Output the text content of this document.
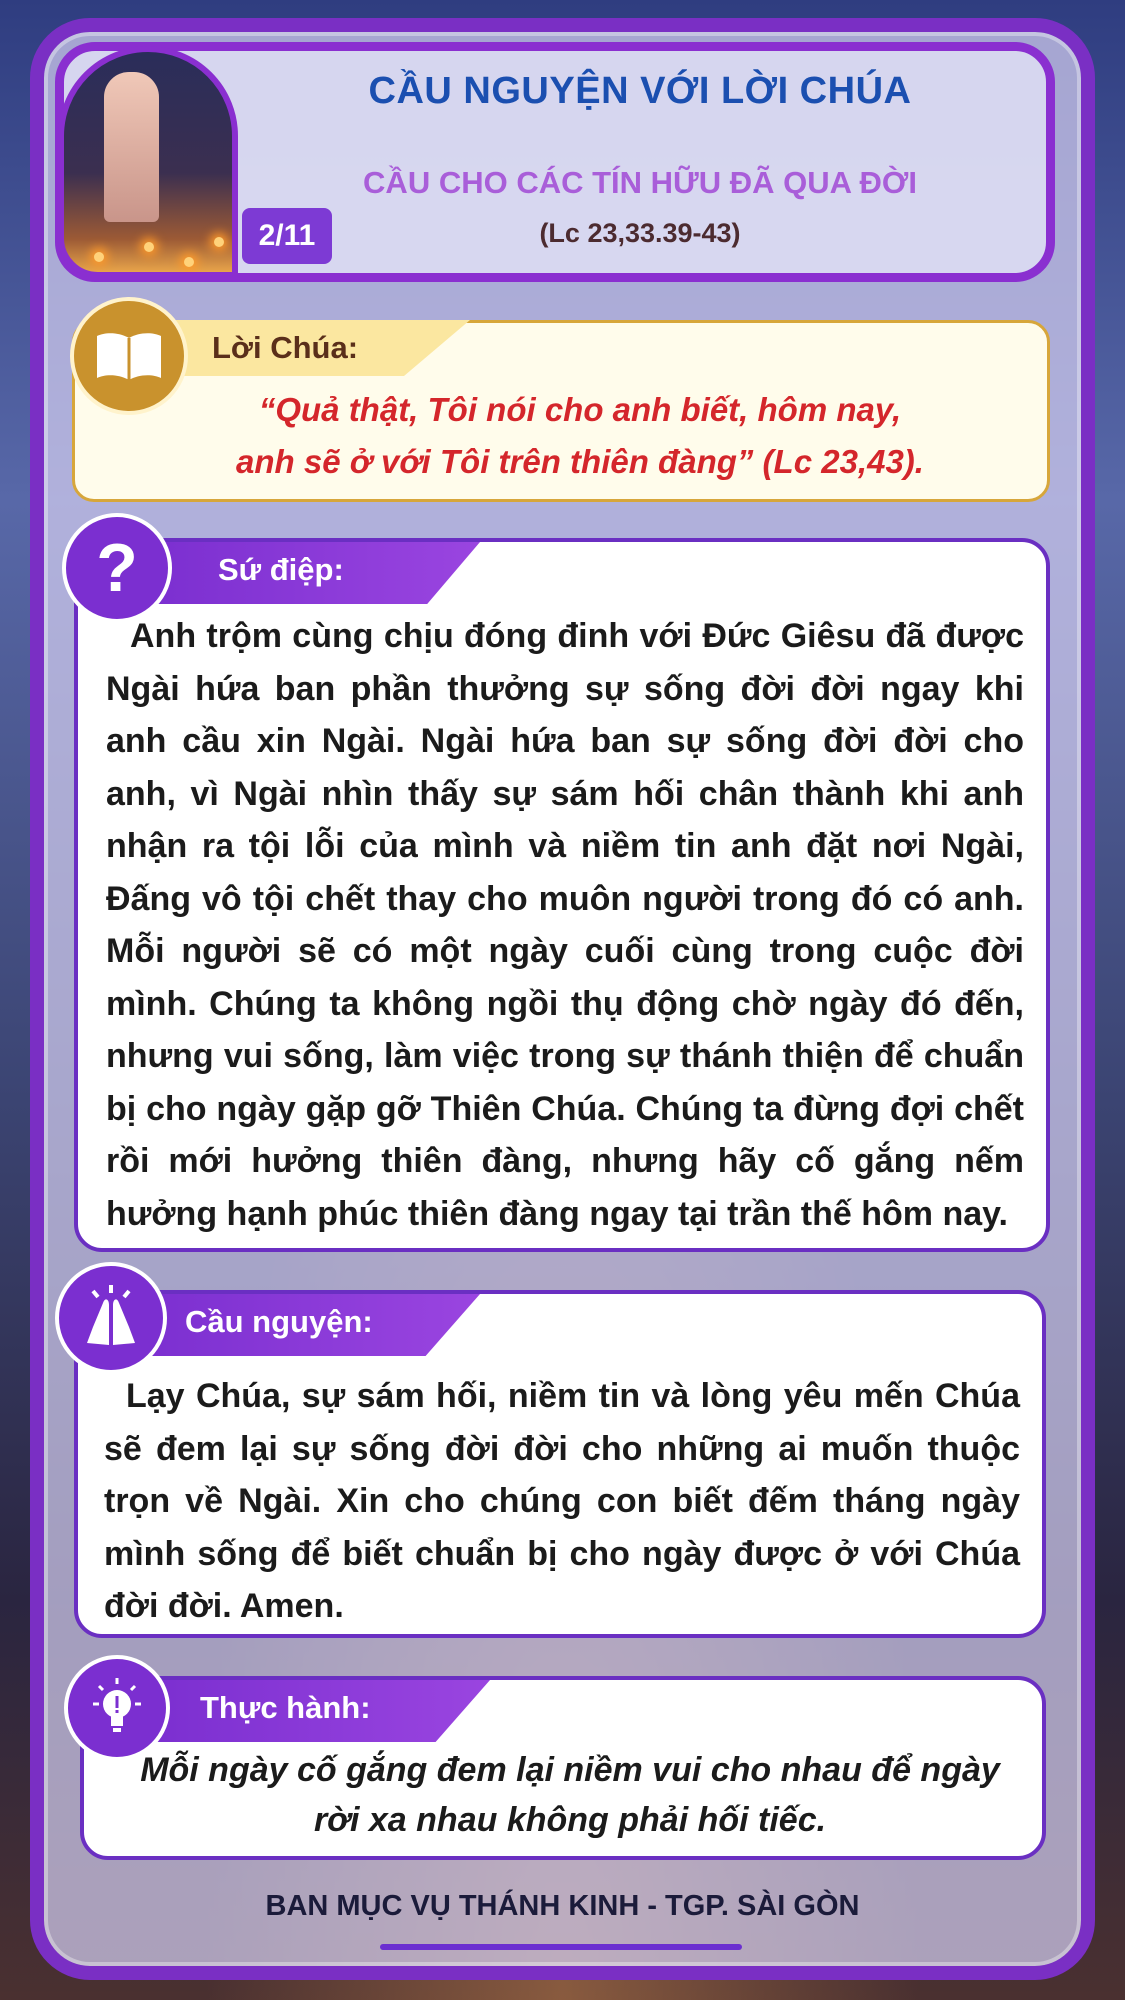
2/11
CẦU NGUYỆN VỚI LỜI CHÚA
CẦU CHO CÁC TÍN HỮU ĐÃ QUA ĐỜI
(Lc 23,33.39-43)
Lời Chúa:
“Quả thật, Tôi nói cho anh biết, hôm nay,
anh sẽ ở với Tôi trên thiên đàng” (Lc 23,43).
?	Sứ điệp:
Anh trộm cùng chịu đóng đinh với Đức Giêsu đã được Ngài hứa ban phần thưởng sự sống đời đời ngay khi anh cầu xin Ngài. Ngài hứa ban sự sống đời đời cho anh, vì Ngài nhìn thấy sự sám hối chân thành khi anh nhận ra tội lỗi của mình và niềm tin anh đặt nơi Ngài, Đấng vô tội chết thay cho muôn người trong đó có anh. Mỗi người sẽ có một ngày cuối cùng trong cuộc đời mình. Chúng ta không ngồi thụ động chờ ngày đó đến, nhưng vui sống, làm việc trong sự thánh thiện để chuẩn bị cho ngày gặp gỡ Thiên Chúa. Chúng ta đừng đợi chết rồi mới hưởng thiên đàng, nhưng hãy cố gắng nếm hưởng hạnh phúc thiên đàng ngay tại trần thế hôm nay.
Cầu nguyện:
Lạy Chúa, sự sám hối, niềm tin và lòng yêu mến Chúa sẽ đem lại sự sống đời đời cho những ai muốn thuộc trọn về Ngài. Xin cho chúng con biết đếm tháng ngày mình sống để biết chuẩn bị cho ngày được ở với Chúa đời đời. Amen.
Thực hành:
Mỗi ngày cố gắng đem lại niềm vui cho nhau để ngày
rời xa nhau không phải hối tiếc.
BAN MỤC VỤ THÁNH KINH - TGP. SÀI GÒN
